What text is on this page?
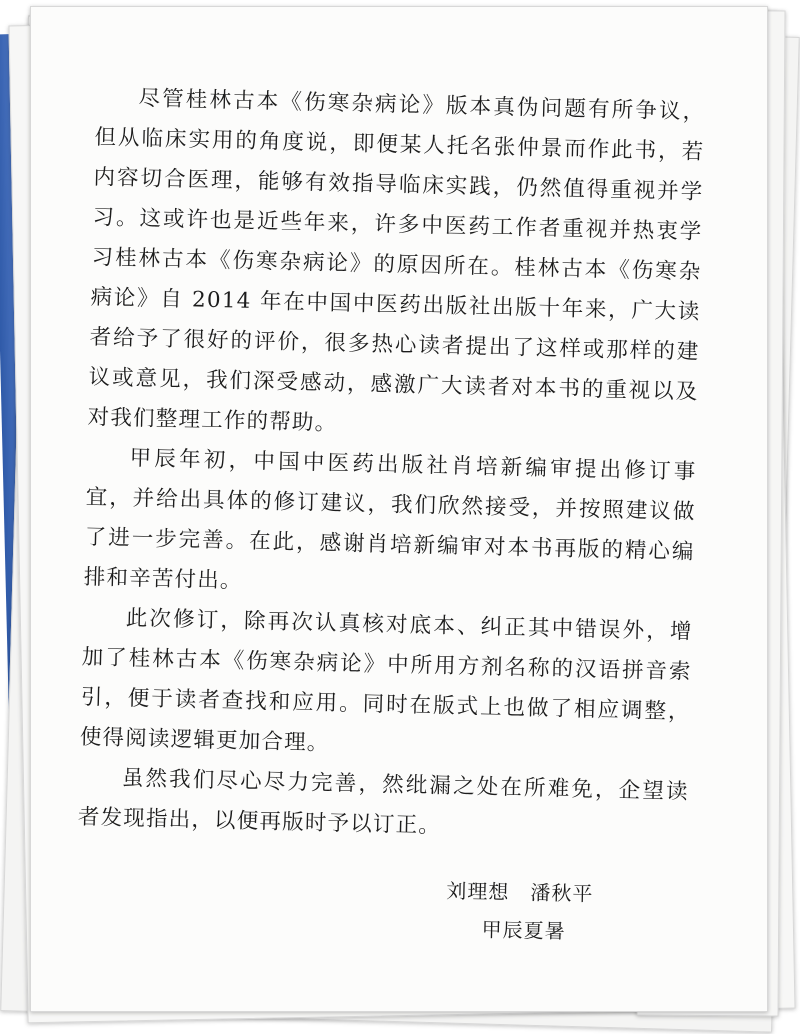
尽管桂林古本《伤寒杂病论》版本真伪问题有所争议，但从临床实用的角度说，即便某人托名张仲景而作此书，若内容切合医理，能够有效指导临床实践，仍然值得重视并学习。这或许也是近些年来，许多中医药工作者重视并热衷学习桂林古本《伤寒杂病论》的原因所在。桂林古本《伤寒杂病论》自 2014 年在中国中医药出版社出版十年来，广大读者给予了很好的评价，很多热心读者提出了这样或那样的建议或意见，我们深受感动，感激广大读者对本书的重视以及对我们整理工作的帮助。

甲辰年初，中国中医药出版社肖培新编审提出修订事宜，并给出具体的修订建议，我们欣然接受，并按照建议做了进一步完善。在此，感谢肖培新编审对本书再版的精心编排和辛苦付出。

此次修订，除再次认真核对底本、纠正其中错误外，增加了桂林古本《伤寒杂病论》中所用方剂名称的汉语拼音索引，便于读者查找和应用。同时在版式上也做了相应调整，使得阅读逻辑更加合理。

虽然我们尽心尽力完善，然纰漏之处在所难免，企望读者发现指出，以便再版时予以订正。

刘理想　潘秋平
甲辰夏暑
